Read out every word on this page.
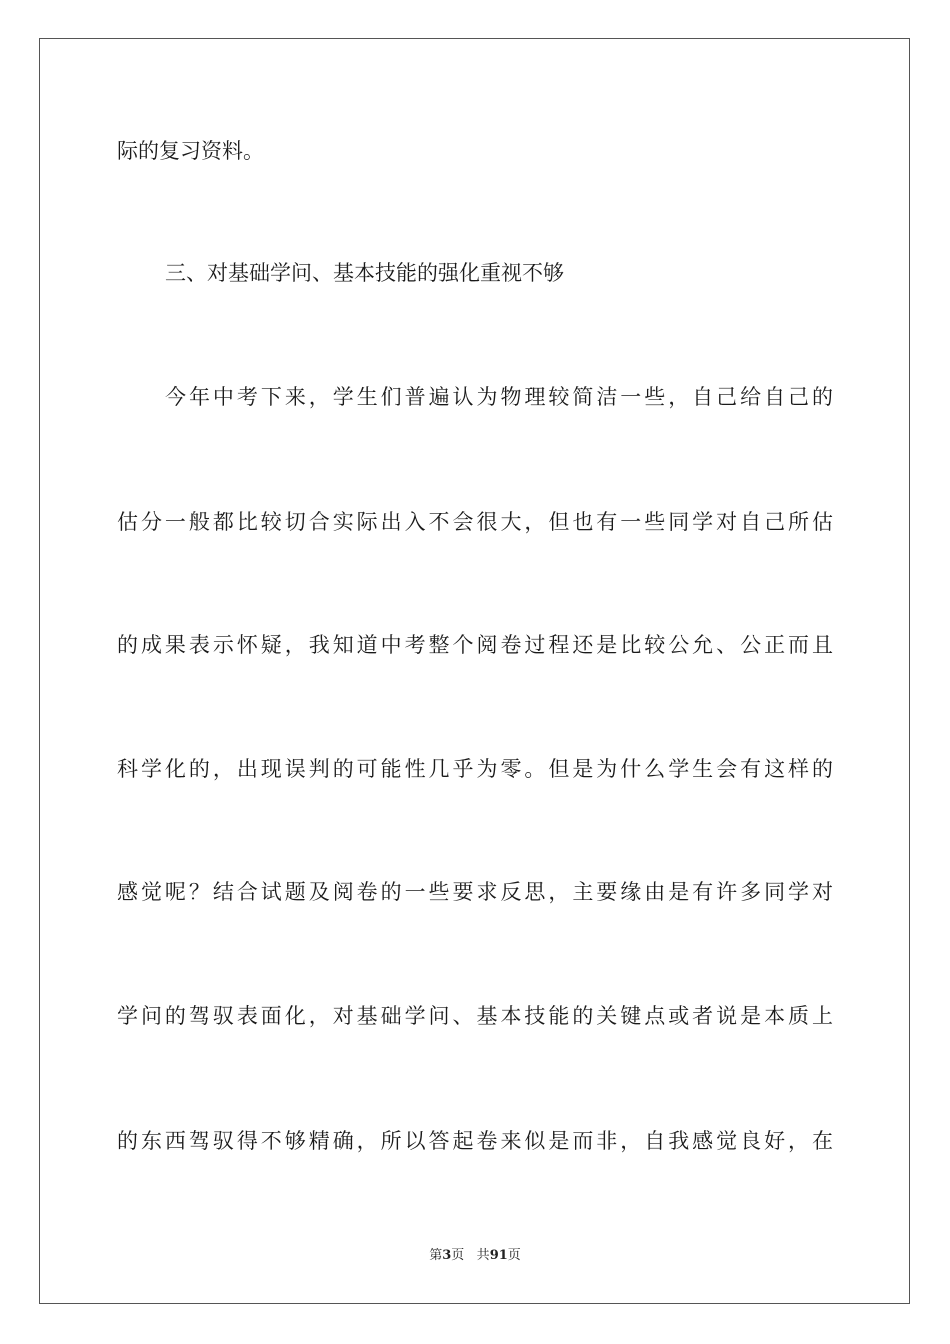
际的复习资料。
三、对基础学问、基本技能的强化重视不够
今年中考下来，学生们普遍认为物理较简洁一些，自己给自己的
估分一般都比较切合实际出入不会很大，但也有一些同学对自己所估
的成果表示怀疑，我知道中考整个阅卷过程还是比较公允、公正而且
科学化的，出现误判的可能性几乎为零。但是为什么学生会有这样的
感觉呢？结合试题及阅卷的一些要求反思，主要缘由是有许多同学对
学问的驾驭表面化，对基础学问、基本技能的关键点或者说是本质上
的东西驾驭得不够精确，所以答起卷来似是而非，自我感觉良好，在
第3页 共91页
